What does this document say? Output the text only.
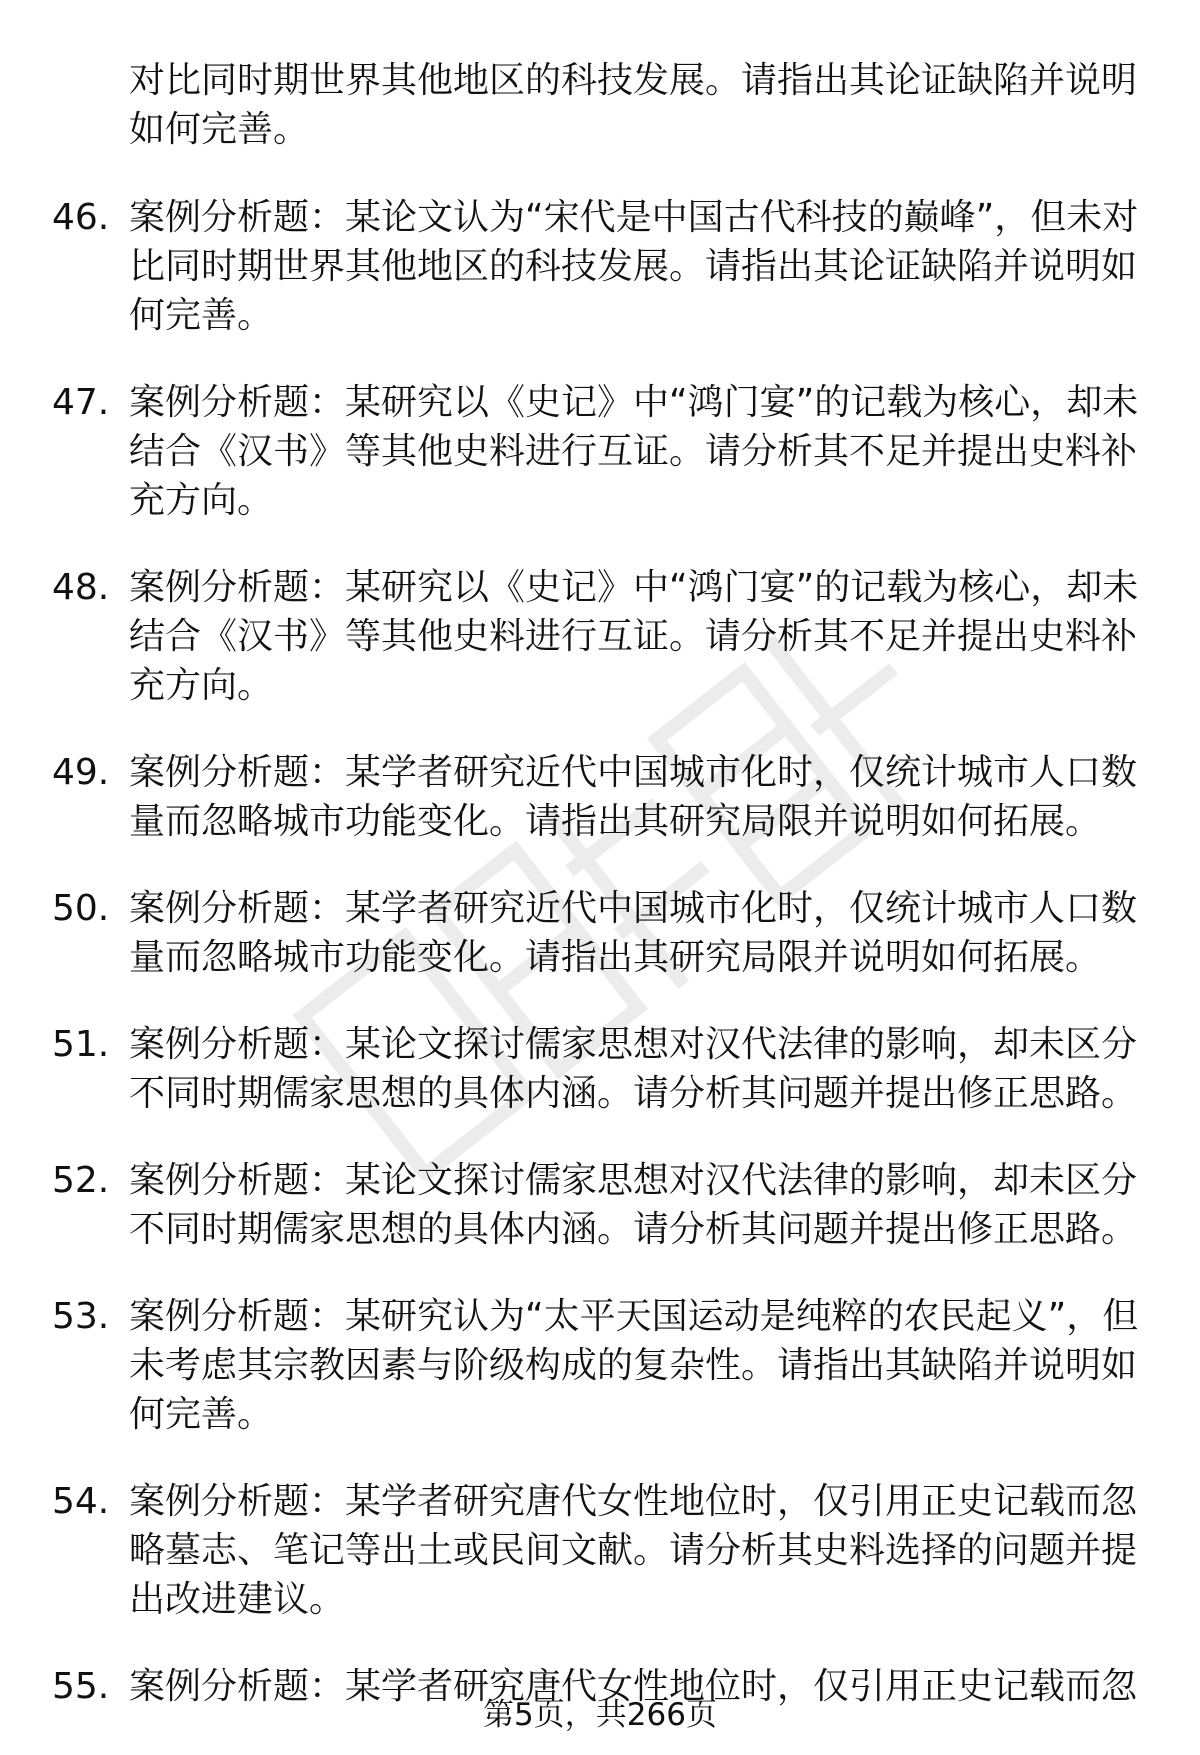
对比同时期世界其他地区的科技发展。请指出其论证缺陷并说明如何完善。
46. 案例分析题：某论文认为“宋代是中国古代科技的巅峰”，但未对比同时期世界其他地区的科技发展。请指出其论证缺陷并说明如何完善。
47. 案例分析题：某研究以《史记》中“鸿门宴”的记载为核心，却未结合《汉书》等其他史料进行互证。请分析其不足并提出史料补充方向。
48. 案例分析题：某研究以《史记》中“鸿门宴”的记载为核心，却未结合《汉书》等其他史料进行互证。请分析其不足并提出史料补充方向。
49. 案例分析题：某学者研究近代中国城市化时，仅统计城市人口数量而忽略城市功能变化。请指出其研究局限并说明如何拓展。
50. 案例分析题：某学者研究近代中国城市化时，仅统计城市人口数量而忽略城市功能变化。请指出其研究局限并说明如何拓展。
51. 案例分析题：某论文探讨儒家思想对汉代法律的影响，却未区分不同时期儒家思想的具体内涵。请分析其问题并提出修正思路。
52. 案例分析题：某论文探讨儒家思想对汉代法律的影响，却未区分不同时期儒家思想的具体内涵。请分析其问题并提出修正思路。
53. 案例分析题：某研究认为“太平天国运动是纯粹的农民起义”，但未考虑其宗教因素与阶级构成的复杂性。请指出其缺陷并说明如何完善。
54. 案例分析题：某学者研究唐代女性地位时，仅引用正史记载而忽略墓志、笔记等出土或民间文献。请分析其史料选择的问题并提出改进建议。
55. 案例分析题：某学者研究唐代女性地位时，仅引用正史记载而忽
第5页，共266页
